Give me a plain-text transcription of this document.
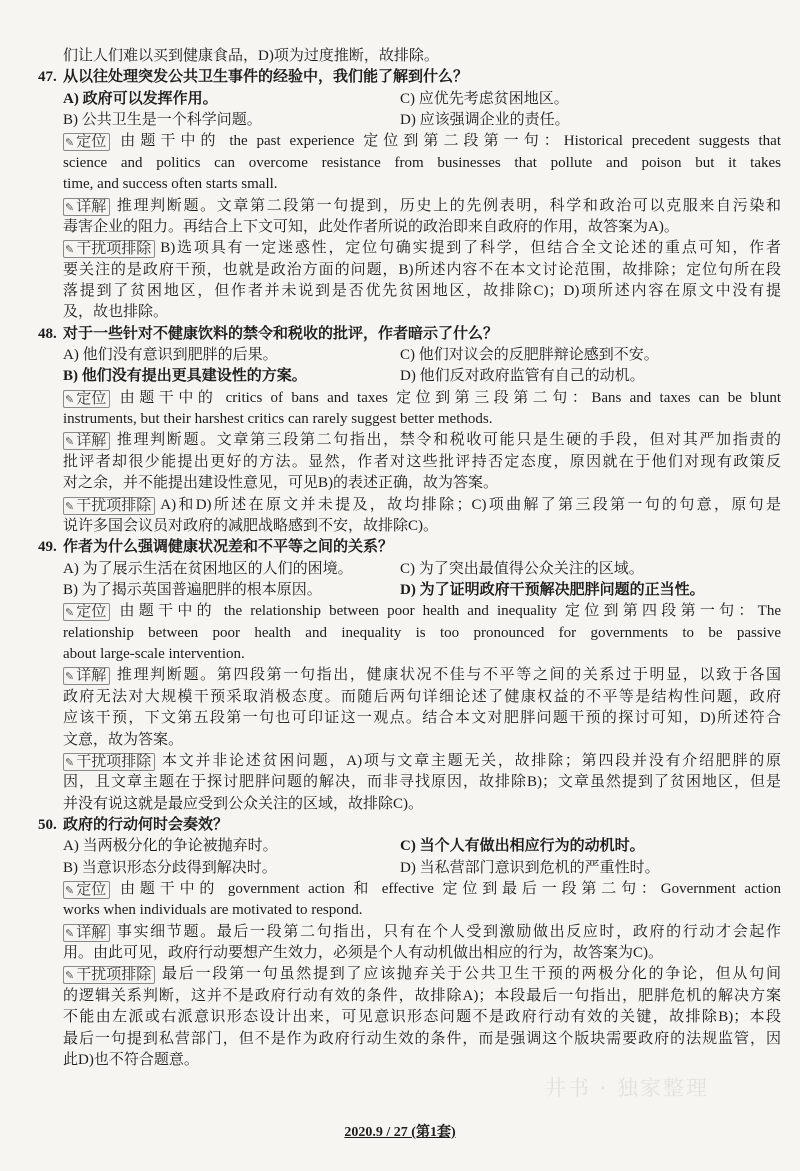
们让人们难以买到健康食品，D)项为过度推断，故排除。
47. 从以往处理突发公共卫生事件的经验中，我们能了解到什么？
A) 政府可以发挥作用。	C) 应优先考虑贫困地区。
B) 公共卫生是一个科学问题。	D) 应该强调企业的责任。
✎ 定位 由题干中的 the past experience 定位到第二段第一句：Historical precedent suggests that
science and politics can overcome resistance from businesses that pollute and poison but it takes
time, and success often starts small.
✎ 详解 推理判断题。文章第二段第一句提到，历史上的先例表明，科学和政治可以克服来自污染和
毒害企业的阻力。再结合上下文可知，此处作者所说的政治即来自政府的作用，故答案为A)。
✎ 干扰项排除 B)选项具有一定迷惑性，定位句确实提到了科学，但结合全文论述的重点可知，作者
要关注的是政府干预，也就是政治方面的问题，B)所述内容不在本文讨论范围，故排除；定位句所在段
落提到了贫困地区，但作者并未说到是否优先贫困地区，故排除C)；D)项所述内容在原文中没有提
及，故也排除。
48. 对于一些针对不健康饮料的禁令和税收的批评，作者暗示了什么？
A) 他们没有意识到肥胖的后果。	C) 他们对议会的反肥胖辩论感到不安。
B) 他们没有提出更具建设性的方案。	D) 他们反对政府监管有自己的动机。
✎ 定位 由题干中的 critics of bans and taxes 定位到第三段第二句：Bans and taxes can be blunt
instruments, but their harshest critics can rarely suggest better methods.
✎ 详解 推理判断题。文章第三段第二句指出，禁令和税收可能只是生硬的手段，但对其严加指责的
批评者却很少能提出更好的方法。显然，作者对这些批评持否定态度，原因就在于他们对现有政策反
对之余，并不能提出建设性意见，可见B)的表述正确，故为答案。
✎ 干扰项排除 A)和D)所述在原文并未提及，故均排除；C)项曲解了第三段第一句的句意，原句是
说许多国会议员对政府的减肥战略感到不安，故排除C)。
49. 作者为什么强调健康状况差和不平等之间的关系？
A) 为了展示生活在贫困地区的人们的困境。	C) 为了突出最值得公众关注的区域。
B) 为了揭示英国普遍肥胖的根本原因。	D) 为了证明政府干预解决肥胖问题的正当性。
✎ 定位 由题干中的 the relationship between poor health and inequality 定位到第四段第一句：The
relationship between poor health and inequality is too pronounced for governments to be passive
about large-scale intervention.
✎ 详解 推理判断题。第四段第一句指出，健康状况不佳与不平等之间的关系过于明显，以致于各国
政府无法对大规模干预采取消极态度。而随后两句详细论述了健康权益的不平等是结构性问题，政府
应该干预，下文第五段第一句也可印证这一观点。结合本文对肥胖问题干预的探讨可知，D)所述符合
文意，故为答案。
✎ 干扰项排除 本文并非论述贫困问题，A)项与文章主题无关，故排除；第四段并没有介绍肥胖的原
因，且文章主题在于探讨肥胖问题的解决，而非寻找原因，故排除B)；文章虽然提到了贫困地区，但是
并没有说这就是最应受到公众关注的区域，故排除C)。
50. 政府的行动何时会奏效？
A) 当两极分化的争论被抛弃时。	C) 当个人有做出相应行为的动机时。
B) 当意识形态分歧得到解决时。	D) 当私营部门意识到危机的严重性时。
✎ 定位 由题干中的 government action 和 effective 定位到最后一段第二句：Government action
works when individuals are motivated to respond.
✎ 详解 事实细节题。最后一段第二句指出，只有在个人受到激励做出反应时，政府的行动才会起作
用。由此可见，政府行动要想产生效力，必须是个人有动机做出相应的行为，故答案为C)。
✎ 干扰项排除 最后一段第一句虽然提到了应该抛弃关于公共卫生干预的两极分化的争论，但从句间
的逻辑关系判断，这并不是政府行动有效的条件，故排除A)；本段最后一句指出，肥胖危机的解决方案
不能由左派或右派意识形态设计出来，可见意识形态问题不是政府行动有效的关键，故排除B)；本段
最后一句提到私营部门，但不是作为政府行动生效的条件，而是强调这个版块需要政府的法规监管，因
此D)也不符合题意。
井书 · 独家整理
2020.9 / 27 (第1套)
